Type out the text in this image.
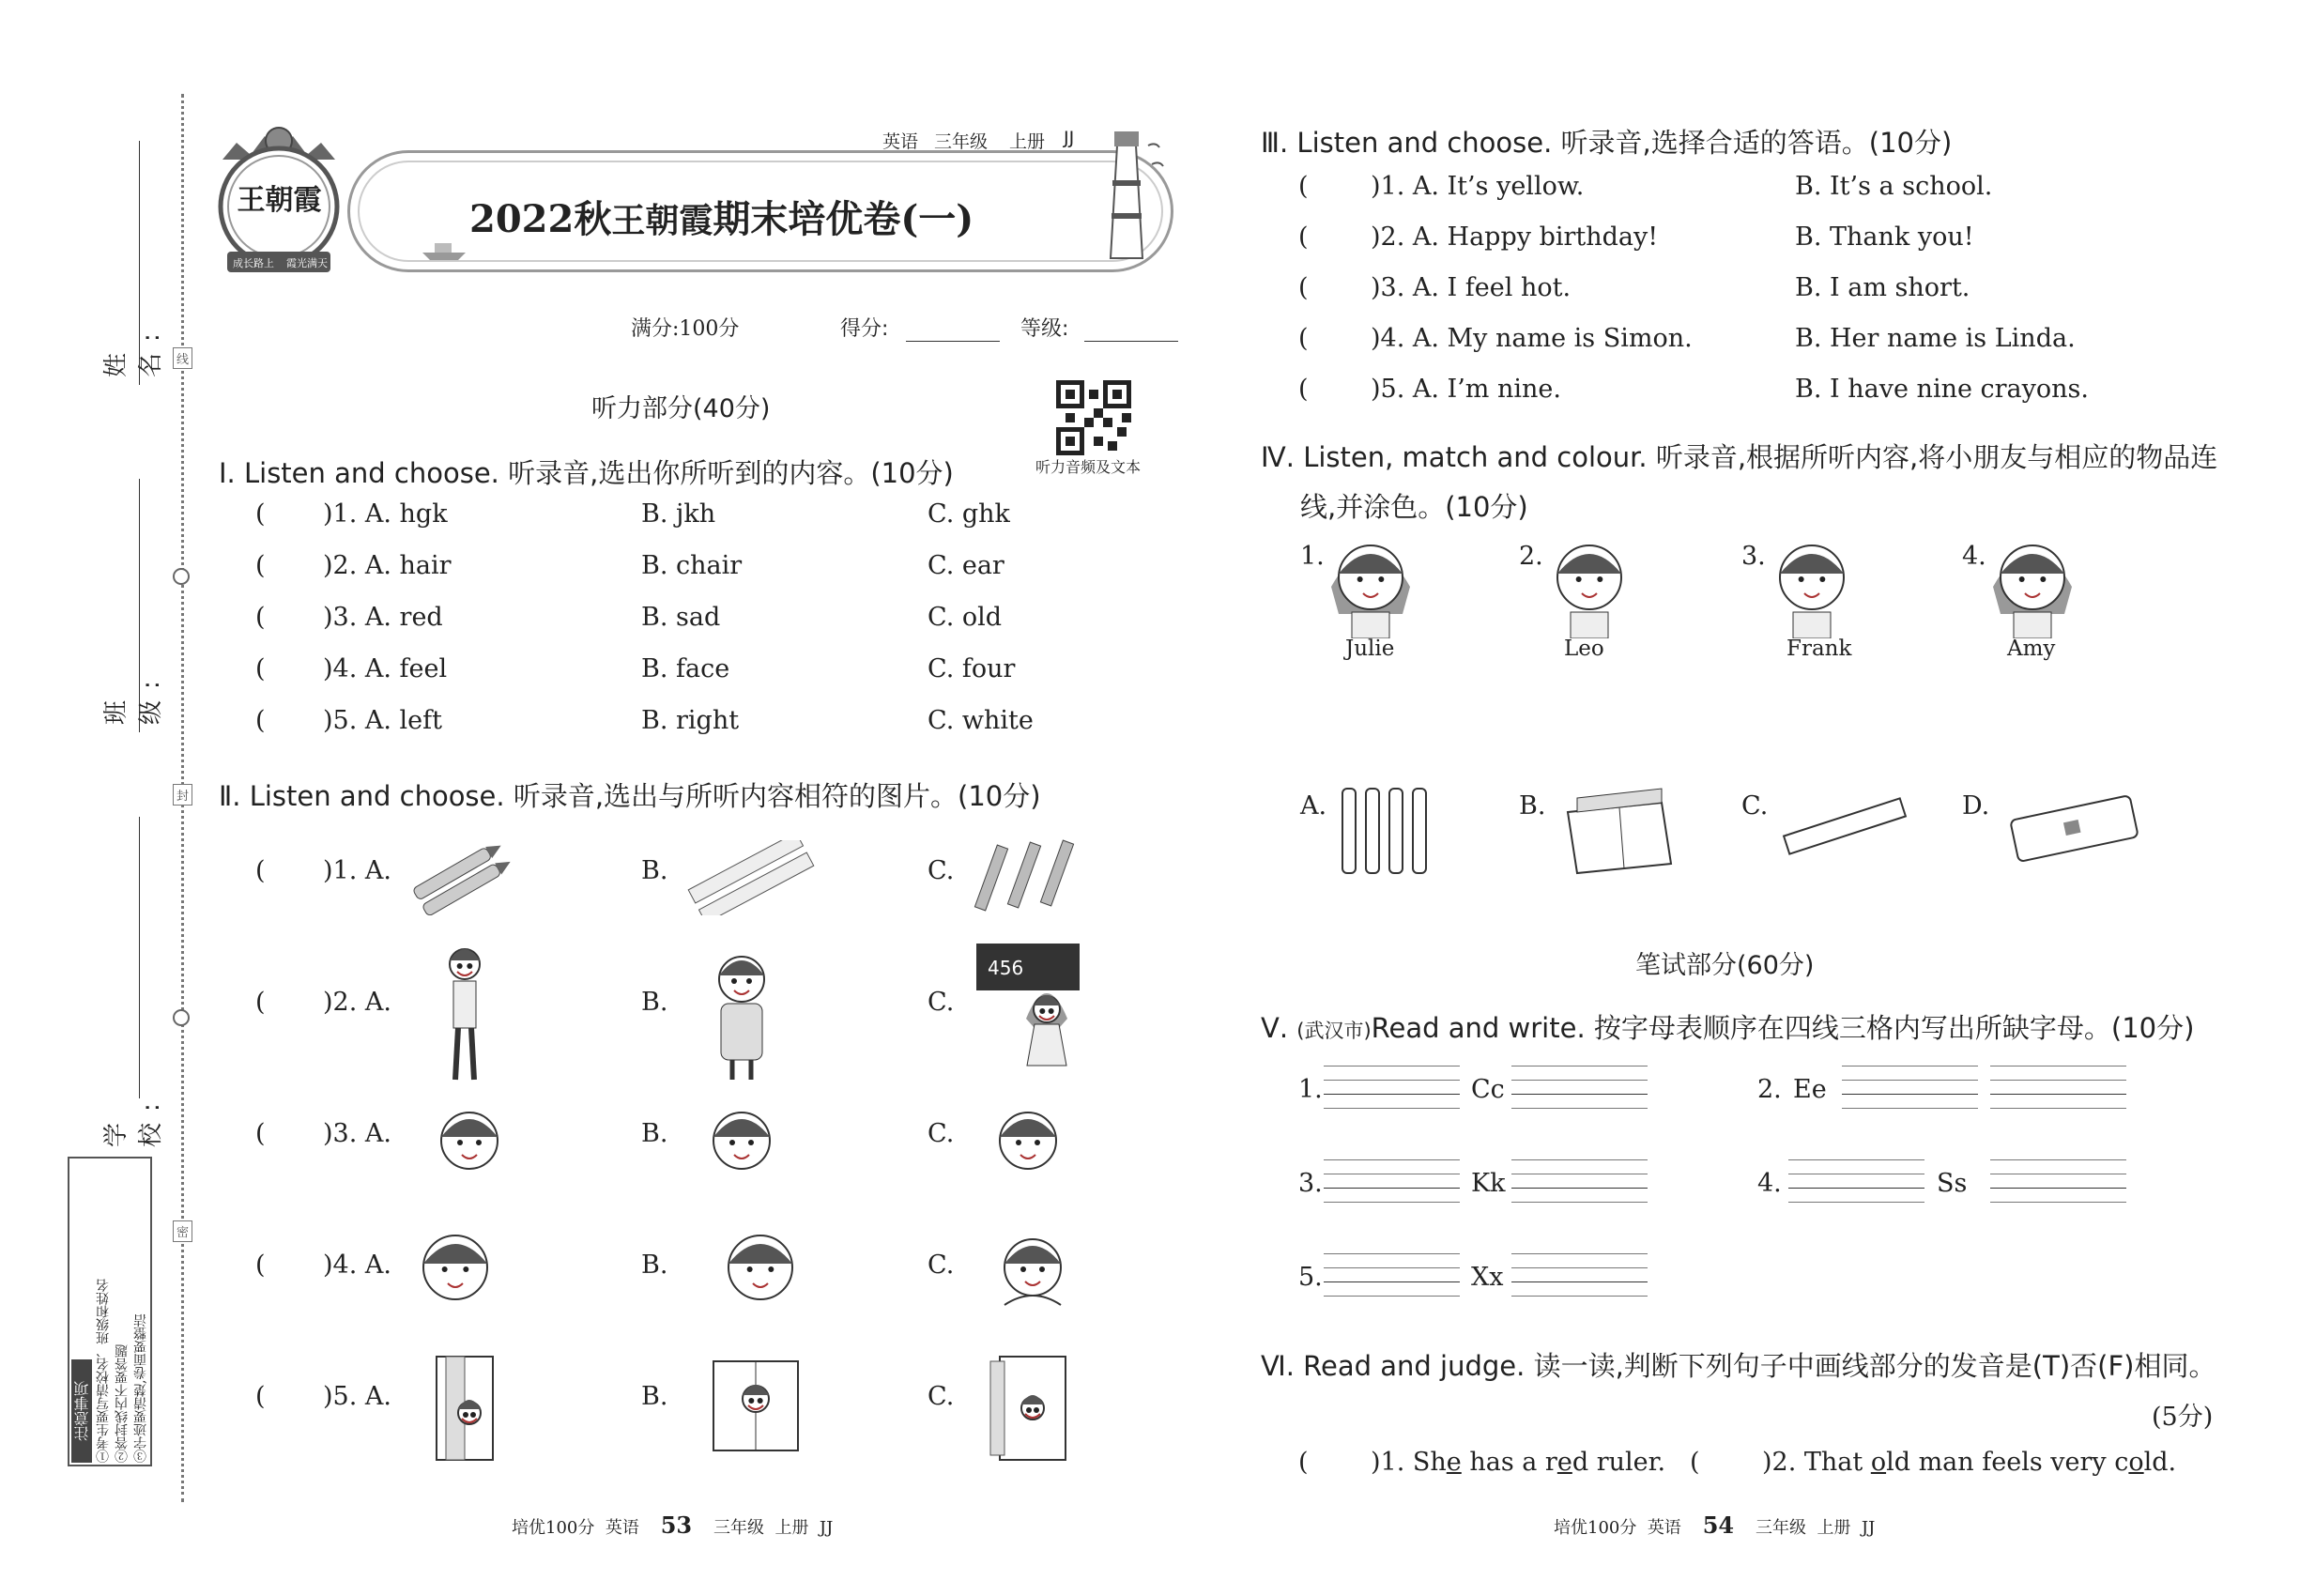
姓 名:
班 级:
学 校:
线
封
密
注意事项 ①考生要写清校名、班级和姓名 ②答封线内不要答题 ③字迹要清楚,卷面要整洁
王朝霞
成长路上 霞光满天
英语 三年级 上册 JJ
2022秋王朝霞期末培优卷(一)
满分:100分	得分:	等级:
听力音频及文本
听力部分(40分)
Ⅰ. Listen and choose. 听录音,选出你所听到的内容。(10分)
Ⅱ. Listen and choose. 听录音,选出与所听内容相符的图片。(10分)
Ⅲ. Listen and choose. 听录音,选择合适的答语。(10分)
Ⅳ. Listen, match and colour. 听录音,根据所听内容,将小朋友与相应的物品连
线,并涂色。(10分)
笔试部分(60分)
Ⅴ. (武汉市)Read and write. 按字母表顺序在四线三格内写出所缺字母。(10分)
Ⅵ. Read and judge. 读一读,判断下列句子中画线部分的发音是(T)否(F)相同。
(5分)
( )1. She has a red ruler. ( )2. That old man feels very cold.
培优100分 英语 53 三年级 上册 JJ	培优100分 英语 54 三年级 上册 JJ
( )1. A. hgk	B. jkh	C. ghk
( )2. A. hair	B. chair	C. ear
( )3. A. red	B. sad	C. old
( )4. A. feel	B. face	C. four
( )5. A. left	B. right	C. white
( )1. A.	B.	C.
( )2. A.	B.	C.
( )3. A.	B.	C.
( )4. A.	B.	C.
( )5. A.	B.	C.
456
( )1. A. It’s yellow.	B. It’s a school.
( )2. A. Happy birthday!	B. Thank you!
( )3. A. I feel hot.	B. I am short.
( )4. A. My name is Simon.	B. Her name is Linda.
( )5. A. I’m nine.	B. I have nine crayons.
1.
Julie
2.
Leo
3.
Frank
4.
Amy
A.	B.	C.	D.
1.	Cc	2. Ee
3.	Kk	4.	Ss
5.	Xx
